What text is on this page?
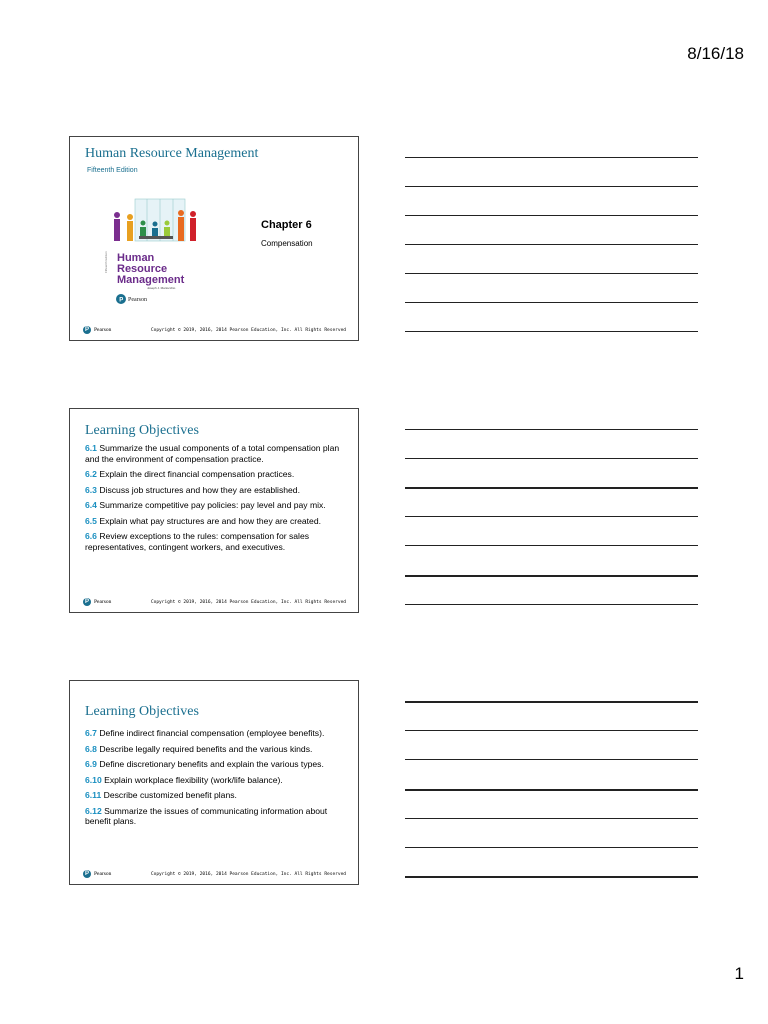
8/16/18
Human Resource Management
Fifteenth Edition
Fifteenth Edition Human
Resource
Management
Joseph J. Martocchio
P Pearson
Chapter 6
Compensation
P Pearson	Copyright © 2019, 2016, 2014 Pearson Education, Inc. All Rights Reserved
Learning Objectives

6.1 Summarize the usual components of a total compensation plan and the environment of compensation practice.

6.2 Explain the direct financial compensation practices.

6.3 Discuss job structures and how they are established.

6.4 Summarize competitive pay policies: pay level and pay mix.

6.5 Explain what pay structures are and how they are created.

6.6 Review exceptions to the rules: compensation for sales representatives, contingent workers, and executives.

P Pearson	Copyright © 2019, 2016, 2014 Pearson Education, Inc. All Rights Reserved
Learning Objectives

6.7 Define indirect financial compensation (employee benefits).

6.8 Describe legally required benefits and the various kinds.

6.9 Define discretionary benefits and explain the various types.

6.10 Explain workplace flexibility (work/life balance).

6.11 Describe customized benefit plans.

6.12 Summarize the issues of communicating information about benefit plans.

P Pearson	Copyright © 2019, 2016, 2014 Pearson Education, Inc. All Rights Reserved
1
